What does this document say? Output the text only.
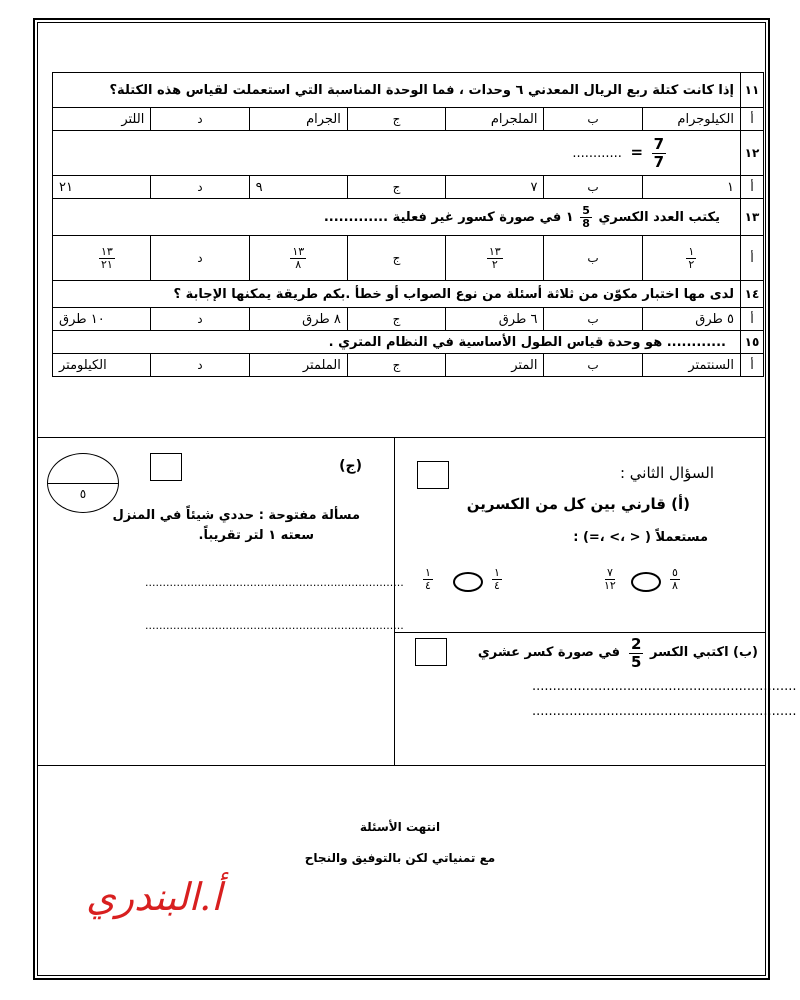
١١	إذا كانت كتلة ربع الريال المعدني ٦ وحدات ، فما الوحدة المناسبة التي استعملت لقياس هذه الكتلة؟						
أ	الكيلوجرام	ب	الملجرام	ج	الجرام	د	اللتر
١٢	$\frac{7}{7}$
= ............						
أ	١	ب	٧	ج	٩	د	٢١
١٣	يكتب العدد الكسري
$\frac{5}{8}$
١ في صورة كسور غير فعلية .............						
أ	$\frac{١}{٢}$	ب	$\frac{١٣}{٢}$	ج	$\frac{١٣}{٨}$	د	$\frac{١٣}{٢١}$

١٤	لدى مها اختبار مكوّن من ثلاثة أسئلة من نوع الصواب أو خطأ .بكم طريقة يمكنها الإجابة ؟						
أ	٥ طرق	ب	٦ طرق	ج	٨ طرق	د	١٠ طرق
١٥	............ هو وحدة قياس الطول الأساسية في النظام المتري .						
أ	السنتمتر	ب	المتر	ج	الملمتر	د	الكيلومتر
السؤال الثاني :
(أ) قارني بين كل من الكسرين
مستعملاً ( < ،> ،=) :
٥
٨
٧
١٢
١
٤
١
٤
(ب) اكتبي الكسر
$\frac{2}{5}$
في صورة كسر عشري
................................................................
................................................................
٥
(ج)
مسألة مفتوحة : حددي شيئاً في المنزل
سعته ١ لتر تقريباً.
..........................................................................
..........................................................................
انتهت الأسئلة
مع تمنياتي لكن بالتوفيق والنجاح
أ.البندري
